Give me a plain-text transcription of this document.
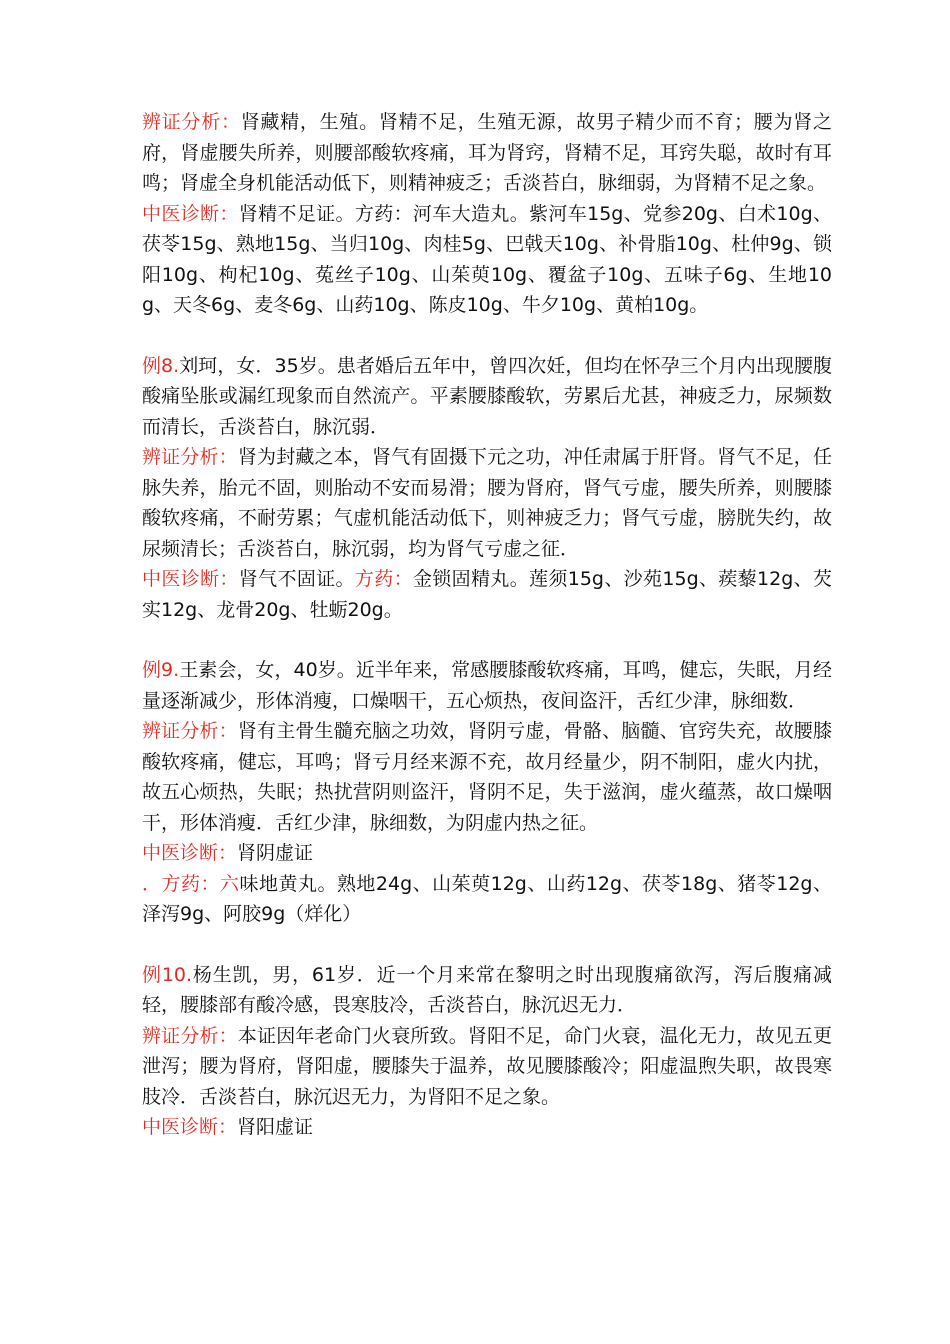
辨证分析：肾藏精，生殖。肾精不足，生殖无源，故男子精少而不育；腰为肾之府，肾虚腰失所养，则腰部酸软疼痛，耳为肾窍，肾精不足，耳窍失聪，故时有耳鸣；肾虚全身机能活动低下，则精神疲乏；舌淡苔白，脉细弱，为肾精不足之象。

中医诊断：肾精不足证。方药：河车大造丸。紫河车15g、党参20g、白术10g、茯苓15g、熟地15g、当归10g、肉桂5g、巴戟天10g、补骨脂10g、杜仲9g、锁阳10g、枸杞10g、菟丝子10g、山茱萸10g、覆盆子10g、五味子6g、生地10g、天冬6g、麦冬6g、山药10g、陈皮10g、牛夕10g、黄柏10g。

例8.刘珂，女．35岁。患者婚后五年中，曾四次妊，但均在怀孕三个月内出现腰腹酸痛坠胀或漏红现象而自然流产。平素腰膝酸软，劳累后尤甚，神疲乏力，尿频数而清长，舌淡苔白，脉沉弱．

辨证分析：肾为封藏之本，肾气有固摄下元之功，冲任肃属于肝肾。肾气不足，任脉失养，胎元不固，则胎动不安而易滑；腰为肾府，肾气亏虚，腰失所养，则腰膝酸软疼痛，不耐劳累；气虚机能活动低下，则神疲乏力；肾气亏虚，膀胱失约，故尿频清长；舌淡苔白，脉沉弱，均为肾气亏虚之征．

中医诊断：肾气不固证。方药：金锁固精丸。莲须15g、沙苑15g、蒺藜12g、芡实12g、龙骨20g、牡蛎20g。

例9.王素会，女，40岁。近半年来，常感腰膝酸软疼痛，耳鸣，健忘，失眠，月经量逐渐减少，形体消瘦，口燥咽干，五心烦热，夜间盗汗，舌红少津，脉细数．

辨证分析：肾有主骨生髓充脑之功效，肾阴亏虚，骨骼、脑髓、官窍失充，故腰膝酸软疼痛，健忘，耳鸣；肾亏月经来源不充，故月经量少，阴不制阳，虚火内扰，故五心烦热，失眠；热扰营阴则盗汗，肾阴不足，失于滋润，虚火蕴蒸，故口燥咽干，形体消瘦．舌红少津，脉细数，为阴虚内热之征。

中医诊断：肾阴虚证

．方药：六味地黄丸。熟地24g、山茱萸12g、山药12g、茯苓18g、猪苓12g、泽泻9g、阿胶9g（烊化）

例10.杨生凯，男，61岁．近一个月来常在黎明之时出现腹痛欲泻，泻后腹痛减轻，腰膝部有酸冷感，畏寒肢冷，舌淡苔白，脉沉迟无力．

辨证分析：本证因年老命门火衰所致。肾阳不足，命门火衰，温化无力，故见五更泄泻；腰为肾府，肾阳虚，腰膝失于温养，故见腰膝酸冷；阳虚温煦失职，故畏寒肢冷．舌淡苔白，脉沉迟无力，为肾阳不足之象。

中医诊断：肾阳虚证
